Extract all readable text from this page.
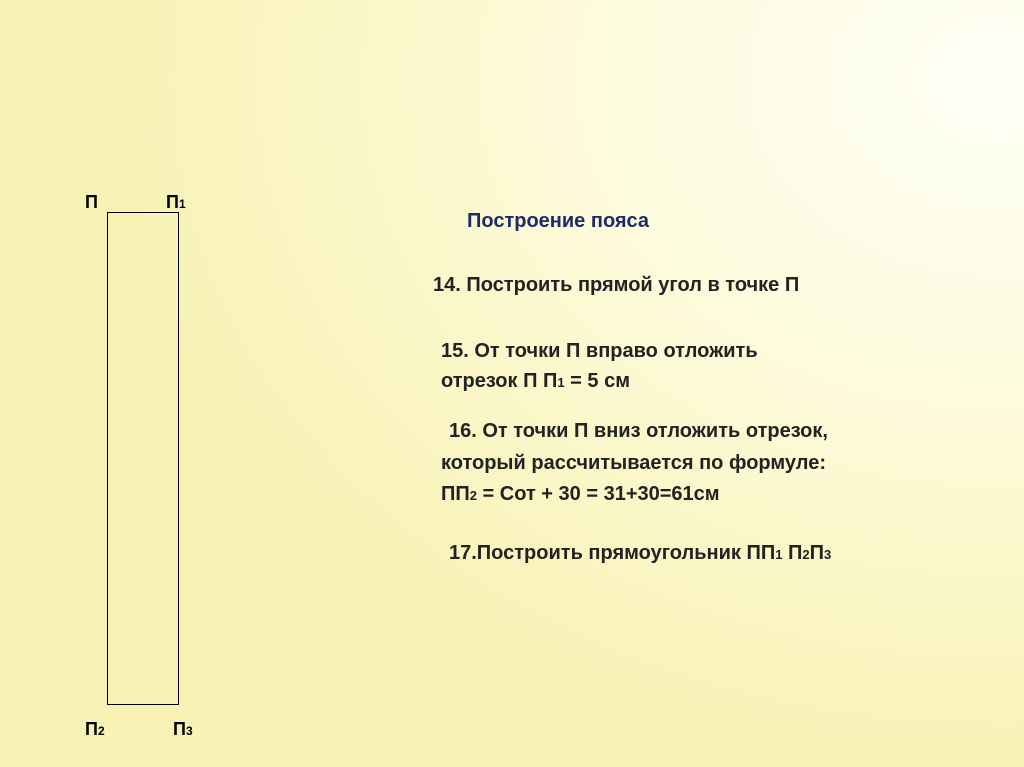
П	П1
П2	П3
Построение пояса
14. Построить прямой угол в точке П
15. От точки П вправо отложить
отрезок П П1 = 5 см
16. От точки П вниз отложить отрезок,
который рассчитывается по формуле:
ПП2 = Сот + 30 = 31+30=61см
17.Построить прямоугольник ПП1 П2П3
